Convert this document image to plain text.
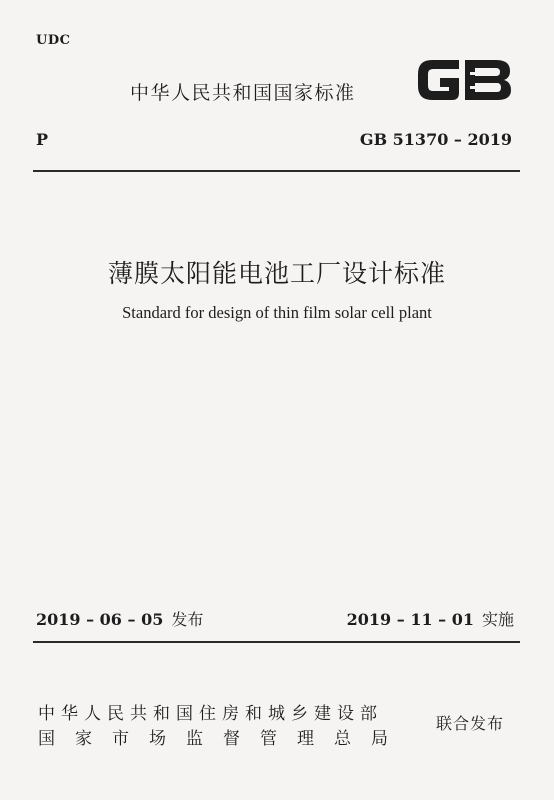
UDC
中华人民共和国国家标准
P	GB 51370 – 2019
薄膜太阳能电池工厂设计标准
Standard for design of thin film solar cell plant
2019 – 06 – 05 发布	2019 – 11 – 01 实施
中华人民共和国住房和城乡建设部
国家市场监督管理总局
联合发布
